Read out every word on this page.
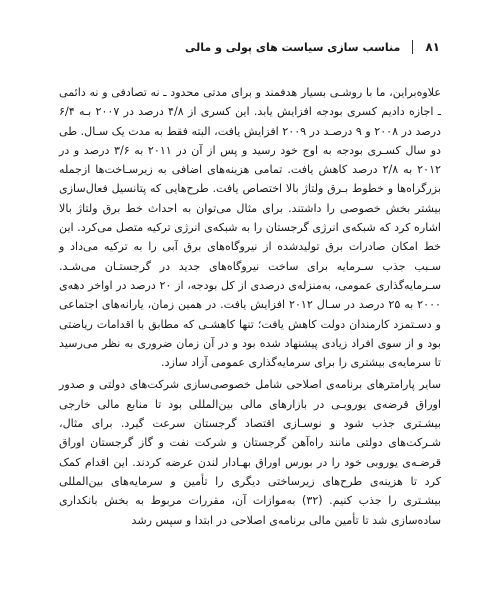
۸۱
مناسب سازی سیاست های پولی و مالی

علاوه‌براین، ما با روشـی بسیار هدفمند و برای مدتی محدود ـ نه تصادفی و نه دائمی ـ اجازه دادیم کسری بودجه افزایش یابد. این کسری از ۴/۸ درصد در ۲۰۰۷ بـه ۶/۴ درصد در ۲۰۰۸ و ۹ درصـد در ۲۰۰۹ افزایش یافت، البته فقط به مدت یک سـال. طی دو سال کسـری بودجه به اوج خود رسید و پس از آن در ۲۰۱۱ به ۳/۶ درصد و در ۲۰۱۲ به ۲/۸ درصد کاهش یافت. تمامی هزینه‌های اضافی به زیرسـاخت‌ها ازجمله بزرگراه‌ها و خطوط بـرق ولتاژ بالا اختصاص یافت. طرح‌هایی که پتانسیل فعال‌سازی بیشتر بخش خصوصی را داشتند. برای مثال می‌توان به احداث خط برق ولتاژ بالا اشاره کرد که شبکه‌ی انرژی گرجستان را به شبکه‌ی انرژی ترکیه متصل می‌کرد. این خط امکان صادرات برق تولیدشده از نیروگاه‌های برق آبی را به ترکیه می‌داد و سـبب جذب سـرمایه برای ساخت نیروگاه‌های جدید در گرجستـان می‌شـد. سـرمایه‌گذاری عمومی، به‌منزله‌ی درصدی از کل بودجه، از ۲۰ درصد در اواخر دهه‌ی ۲۰۰۰ به ۲۵ درصد در سـال ۲۰۱۲ افزایش یافت. در همین زمان، یارانه‌های اجتماعی و دسـتمزد کارمندان دولت کاهش یافت؛ تنها کاهشـی که مطابق با اقدامات ریاضتی بود و از سوی افراد زیادی پیشنهاد شده بود و در آن زمان ضروری به نظر می‌رسید تا سرمایه‌ی بیشتری را برای سرمایه‌گذاری عمومی آزاد سازد.

سایر پارامترهای برنامه‌ی اصلاحی شامل خصوصی‌سازی شرکت‌های دولتی و صدور اوراق قرضه‌ی یوروبـی در بازارهای مالی بین‌المللی بود تا منابع مالی خارجی بیشـتری جذب شود و نوسـازی اقتصاد گرجستان سرعت گیرد. برای مثال، شـرکت‌های دولتی مانند راه‌آهن گرجستان و شرکت نفت و گاز گرجستان اوراق قرضـه‌ی یوروبی خود را در بورس اوراق بهـادار لندن عرضه کردند. این اقدام کمک کرد تا هزینه‌ی طرح‌های زیرساختی دیگری را تأمین و سرمایه‌های بین‌المللی بیشـتری را جذب کنیم. (۳۲) به‌موازات آن، مقررات مربوط به بخش بانکداری ساده‌سازی شد تا تأمین مالی برنامه‌ی اصلاحی در ابتدا و سپس رشد
